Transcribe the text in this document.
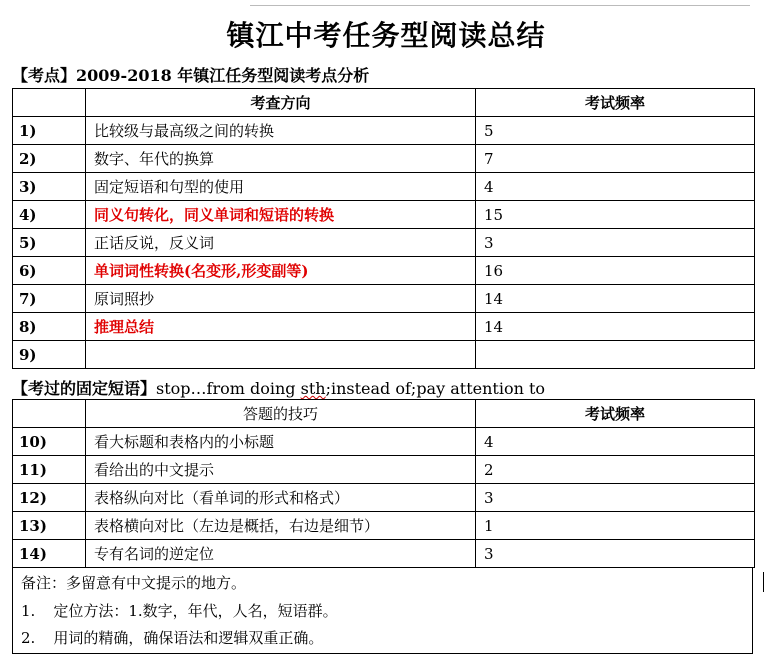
镇江中考任务型阅读总结
【考点】2009-2018 年镇江任务型阅读考点分析
	考查方向	考试频率
1)	比较级与最高级之间的转换	5
2)	数字、年代的换算	7
3)	固定短语和句型的使用	4
4)	同义句转化，同义单词和短语的转换	15
5)	正话反说，反义词	3
6)	单词词性转换(名变形,形变副等)	16
7)	原词照抄	14
8)	推理总结	14
9)		
【考过的固定短语】stop…from doing sth;instead of;pay attention to
	答题的技巧	考试频率
10)	看大标题和表格内的小标题	4
11)	看给出的中文提示	2
12)	表格纵向对比（看单词的形式和格式）	3
13)	表格横向对比（左边是概括，右边是细节）	1
14)	专有名词的逆定位	3
备注：多留意有中文提示的地方。
1. 定位方法：1.数字，年代，人名，短语群。
2. 用词的精确，确保语法和逻辑双重正确。
